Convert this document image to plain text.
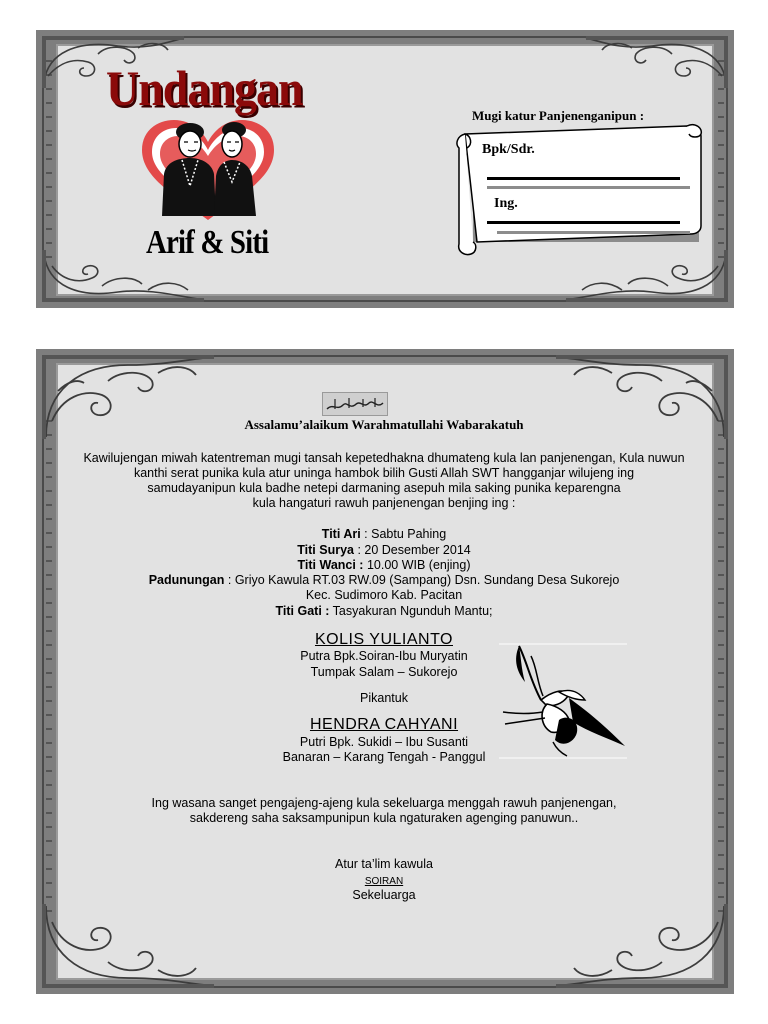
Undangan
Arif & Siti
Mugi katur Panjenenganipun :
Bpk/Sdr.
Ing.
Assalamu’alaikum Warahmatullahi Wabarakatuh
Kawilujengan miwah katentreman mugi tansah kepetedhakna dhumateng kula lan panjenengan, Kula nuwun
kanthi serat punika kula atur uninga hambok bilih Gusti Allah SWT hangganjar wilujeng ing
samudayanipun kula badhe netepi darmaning asepuh mila saking punika keparengna
kula hangaturi rawuh panjenengan benjing ing :
Titi Ari : Sabtu Pahing
Titi Surya : 20 Desember 2014
Titi Wanci : 10.00 WIB (enjing)
Padunungan : Griyo Kawula RT.03 RW.09 (Sampang) Dsn. Sundang Desa Sukorejo
Kec. Sudimoro Kab. Pacitan
Titi Gati : Tasyakuran Ngunduh Mantu;
KOLIS YULIANTO
Putra Bpk.Soiran-Ibu Muryatin
Tumpak Salam – Sukorejo
Pikantuk
HENDRA CAHYANI
Putri Bpk. Sukidi – Ibu Susanti
Banaran – Karang Tengah - Panggul
Ing wasana sanget pengajeng-ajeng kula sekeluarga menggah rawuh panjenengan,
sakdereng saha saksampunipun kula ngaturaken agenging panuwun..
Atur ta’lim kawula
SOIRAN
Sekeluarga
